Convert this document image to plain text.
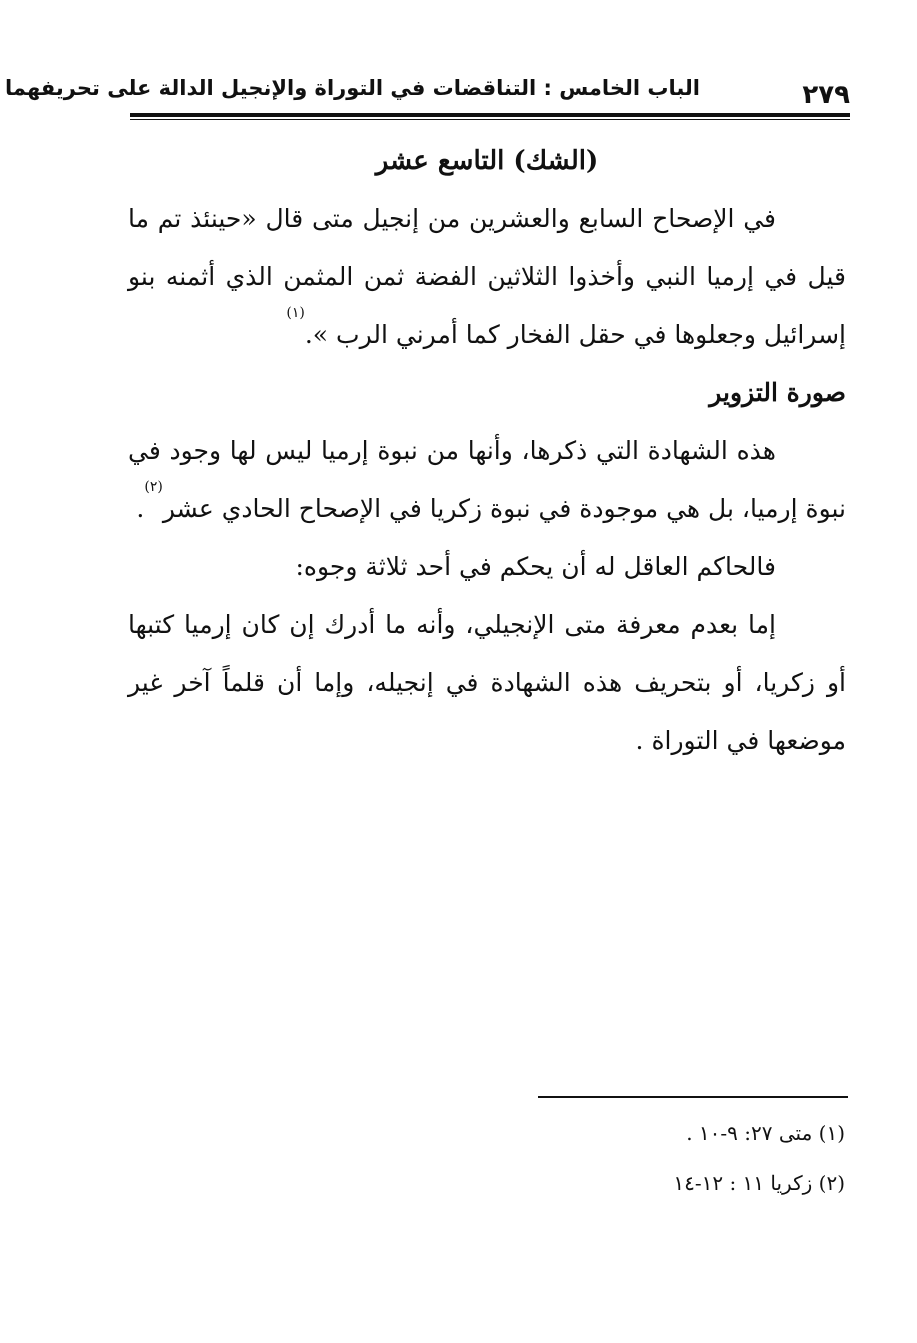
الباب الخامس : التناقضات في التوراة والإنجيل الدالة على تحريفهما	٢٧٩

(الشك) التاسع عشر

في الإصحاح السابع والعشرين من إنجيل متى قال «حينئذ تم ما قيل في إرميا النبي وأخذوا الثلاثين الفضة ثمن المثمن الذي أثمنه بنو إسرائيل وجعلوها في حقل الفخار كما أمرني الرب ».$^{(١)}$

صورة التزوير

هذه الشهادة التي ذكرها، وأنها من نبوة إرميا ليس لها وجود في نبوة إرميا، بل هي موجودة في نبوة زكريا في الإصحاح الحادي عشر$^{(٢)}$.

فالحاكم العاقل له أن يحكم في أحد ثلاثة وجوه:

إما بعدم معرفة متى الإنجيلي، وأنه ما أدرك إن كان إرميا كتبها أو زكريا، أو بتحريف هذه الشهادة في إنجيله، وإما أن قلماً آخر غير موضعها في التوراة .

(١) متى ٢٧: ٩-١٠ .
(٢) زكريا ١١ : ١٢-١٤
